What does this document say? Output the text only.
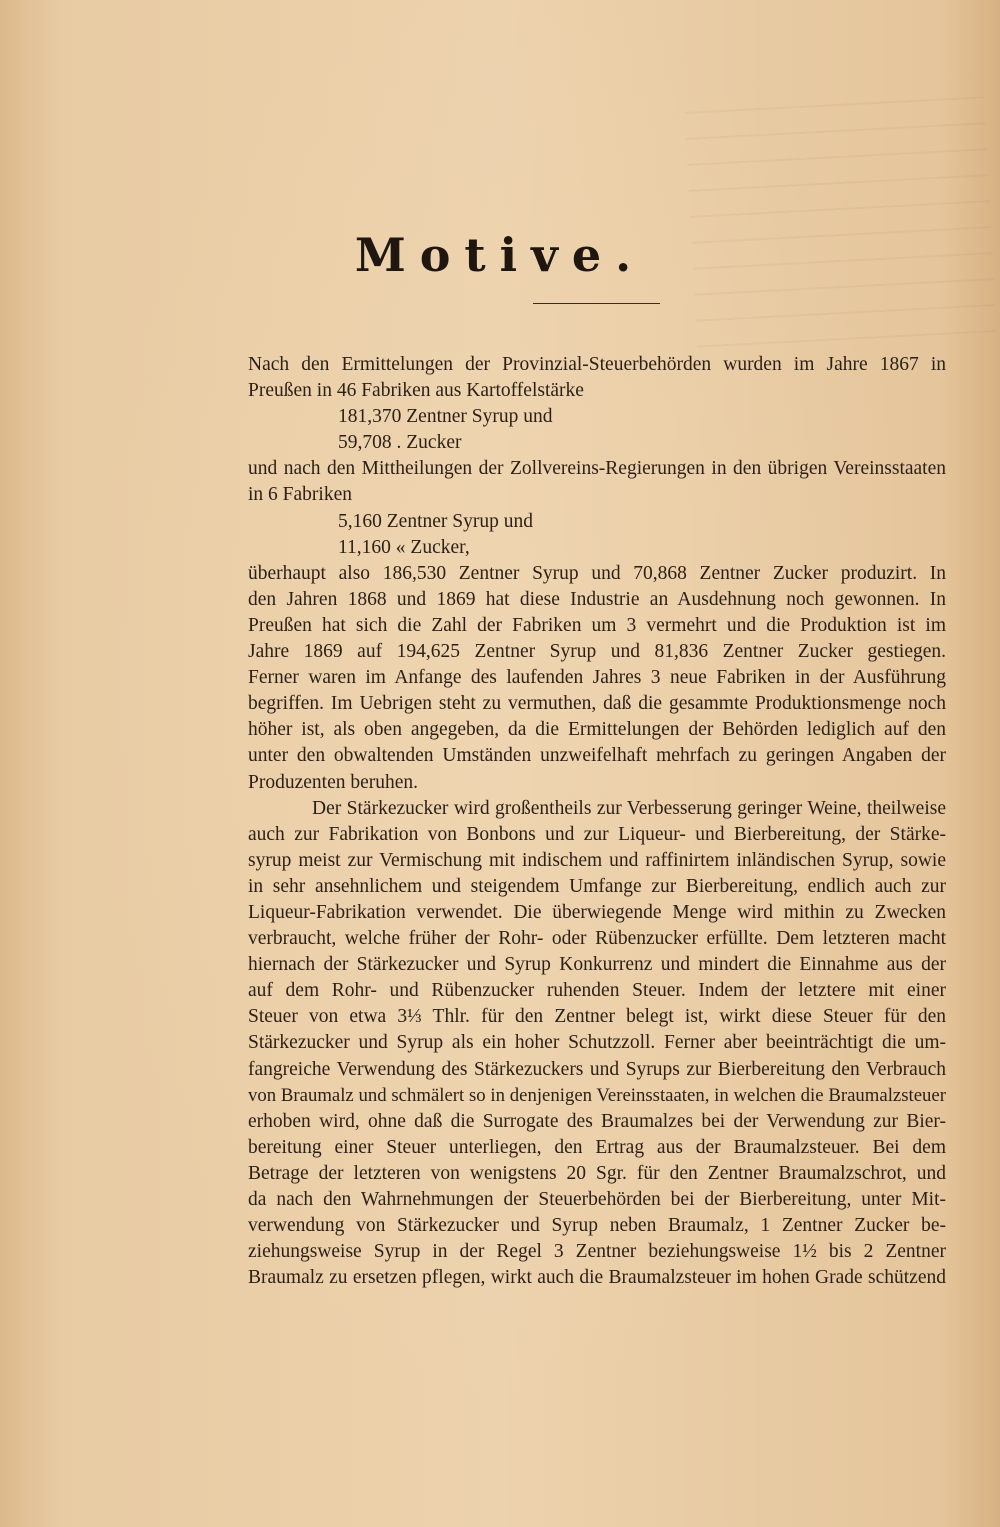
Motive.

Nach den Ermittelungen der Provinzial-Steuerbehörden wurden im Jahre 1867 in

Preußen in 46 Fabriken aus Kartoffelstärke

181,370 Zentner Syrup und

59,708 . Zucker

und nach den Mittheilungen der Zollvereins-Regierungen in den übrigen Vereinsstaaten

in 6 Fabriken

5,160 Zentner Syrup und

11,160 « Zucker,

überhaupt also 186,530 Zentner Syrup und 70,868 Zentner Zucker produzirt. In

den Jahren 1868 und 1869 hat diese Industrie an Ausdehnung noch gewonnen. In

Preußen hat sich die Zahl der Fabriken um 3 vermehrt und die Produktion ist im

Jahre 1869 auf 194,625 Zentner Syrup und 81,836 Zentner Zucker gestiegen.

Ferner waren im Anfange des laufenden Jahres 3 neue Fabriken in der Ausführung

begriffen. Im Uebrigen steht zu vermuthen, daß die gesammte Produktionsmenge noch

höher ist, als oben angegeben, da die Ermittelungen der Behörden lediglich auf den

unter den obwaltenden Umständen unzweifelhaft mehrfach zu geringen Angaben der

Produzenten beruhen.

Der Stärkezucker wird großentheils zur Verbesserung geringer Weine, theilweise

auch zur Fabrikation von Bonbons und zur Liqueur- und Bierbereitung, der Stärke-

syrup meist zur Vermischung mit indischem und raffinirtem inländischen Syrup, sowie

in sehr ansehnlichem und steigendem Umfange zur Bierbereitung, endlich auch zur

Liqueur-Fabrikation verwendet. Die überwiegende Menge wird mithin zu Zwecken

verbraucht, welche früher der Rohr- oder Rübenzucker erfüllte. Dem letzteren macht

hiernach der Stärkezucker und Syrup Konkurrenz und mindert die Einnahme aus der

auf dem Rohr- und Rübenzucker ruhenden Steuer. Indem der letztere mit einer

Steuer von etwa 3⅓ Thlr. für den Zentner belegt ist, wirkt diese Steuer für den

Stärkezucker und Syrup als ein hoher Schutzzoll. Ferner aber beeinträchtigt die um-

fangreiche Verwendung des Stärkezuckers und Syrups zur Bierbereitung den Verbrauch

von Braumalz und schmälert so in denjenigen Vereinsstaaten, in welchen die Braumalzsteuer

erhoben wird, ohne daß die Surrogate des Braumalzes bei der Verwendung zur Bier-

bereitung einer Steuer unterliegen, den Ertrag aus der Braumalzsteuer. Bei dem

Betrage der letzteren von wenigstens 20 Sgr. für den Zentner Braumalzschrot, und

da nach den Wahrnehmungen der Steuerbehörden bei der Bierbereitung, unter Mit-

verwendung von Stärkezucker und Syrup neben Braumalz, 1 Zentner Zucker be-

ziehungsweise Syrup in der Regel 3 Zentner beziehungsweise 1½ bis 2 Zentner

Braumalz zu ersetzen pflegen, wirkt auch die Braumalzsteuer im hohen Grade schützend
